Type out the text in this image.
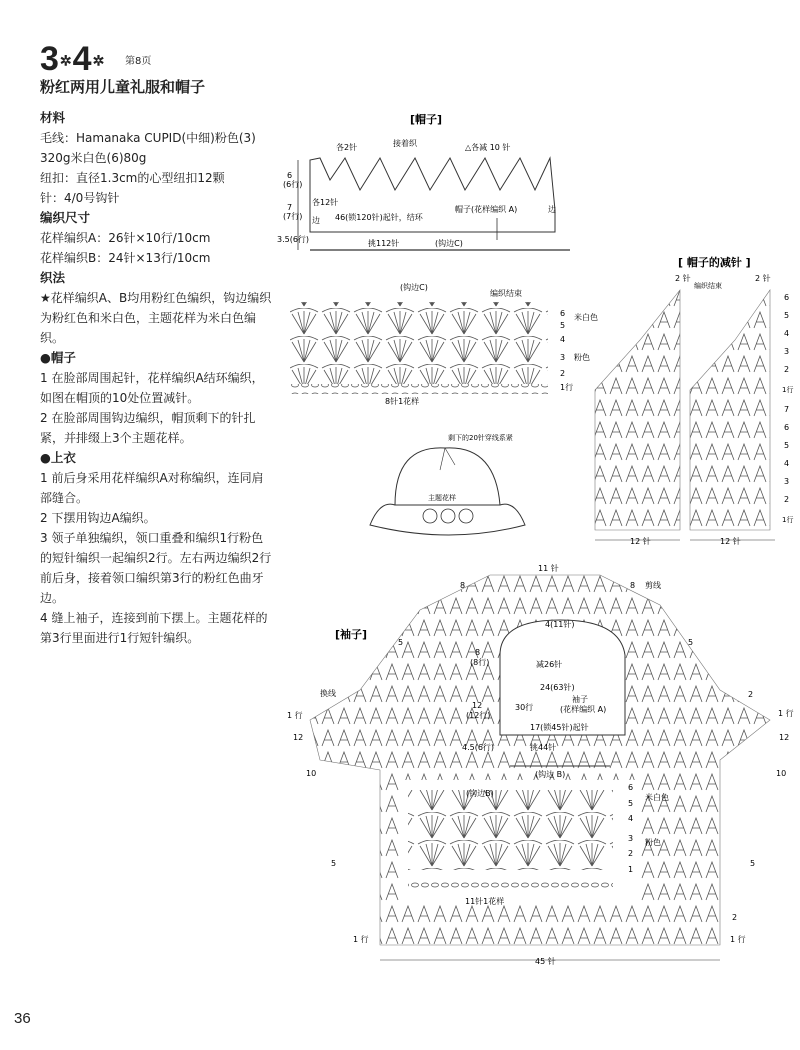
3✲4✲ 第8页
粉红两用儿童礼服和帽子
材料
毛线：Hamanaka CUPID(中细)粉色(3)
320g米白色(6)80g
纽扣：直径1.3cm的心型纽扣12颗
针：4/0号钩针
编织尺寸
花样编织A：26针×10行/10cm
花样编织B：24针×13行/10cm
织法

★花样编织A、B均用粉红色编织，钩边编织为粉红色和米白色，主题花样为米白色编织。

●帽子

1 在脸部周围起针，花样编织A结环编织，如图在帽顶的10处位置减针。

2 在脸部周围钩边编织，帽顶剩下的针扎紧，并排缀上3个主题花样。

●上衣

1 前后身采用花样编织A对称编织，连同肩部缝合。

2 下摆用钩边A编织。

3 领子单独编织，领口重叠和编织1行粉色的短针编织一起编织2行。左右两边编织2行前后身，接着领口编织第3行的粉红色曲牙边。

4 缝上袖子，连接到前下摆上。主题花样的第3行里面进行1行短针编织。

36
[帽子]
各2针	接着织	△各减 10 针
6
(6行)
7
(7行)
3.5(6行)
各12针
边 46(锁120针)起针，结环
帽子(花样编织 A)	边
挑112针	(钩边C)
(钩边C)
编织结束
6
5
4
3
2
1行
米白色
粉色
8针1花样
[ 帽子的减针 ]
2 针	2 针
编织结束
6
5
4
3
2
1行
7
6
5
4
3
2
1行
12 针	12 针
剩下的20针穿线系紧
主题花样
[袖子]
11 针
8	8 剪线
5	5
换线
1 行
12
10
5
1 行
2
1 行
12
10
5
2
1 行
45 针
4(11针)
8
(8行)	减26针
24(63针)
12
(12行)
30行
袖子
(花样编织 A)
17(锁45针)起针
4.5(6行)	挑44针
(钩边 B)
(钩边B)
6
5
4
3
2
1
米白色
粉色
11针1花样
